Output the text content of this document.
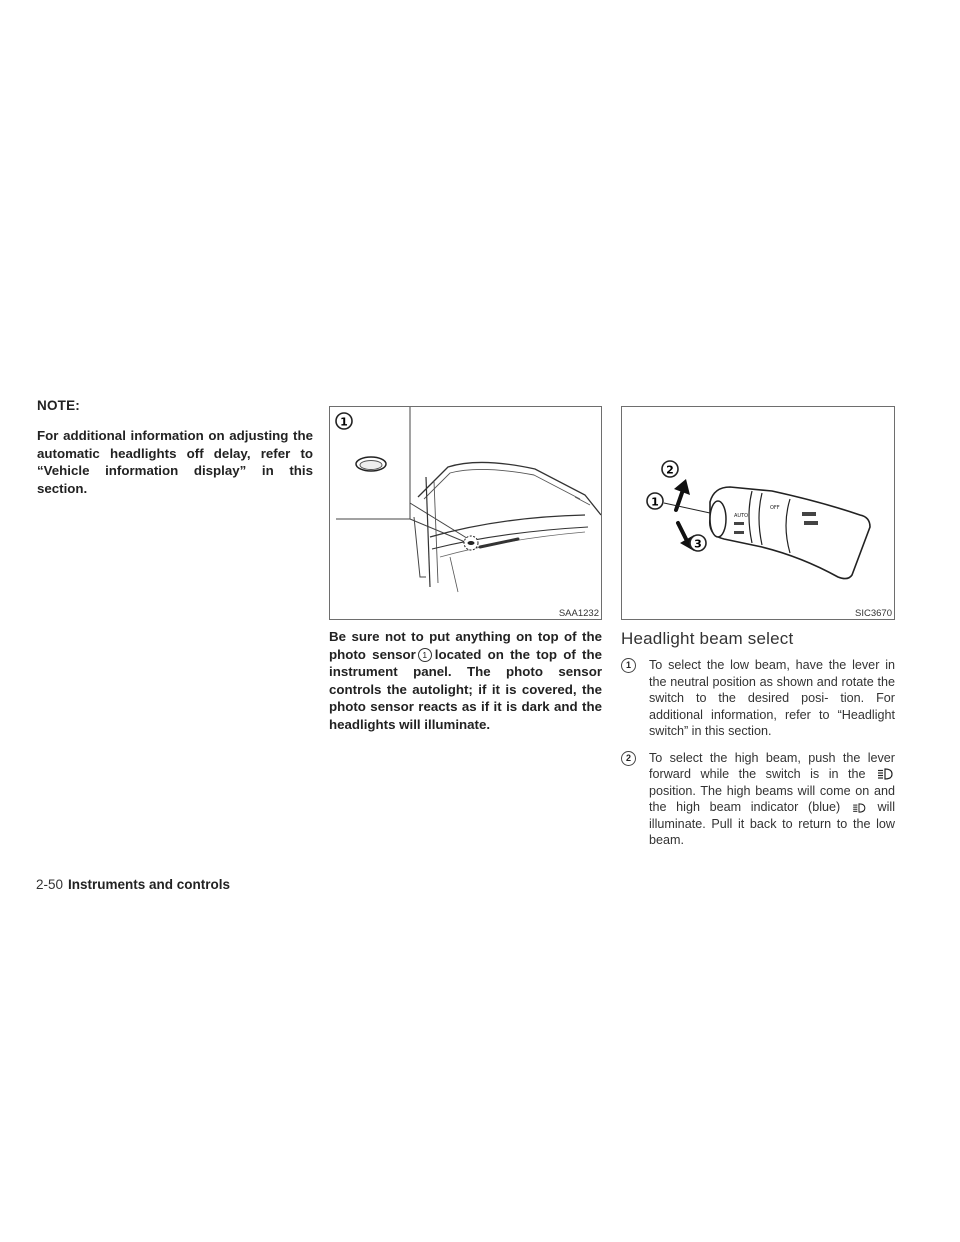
NOTE:

For additional information on adjusting the automatic headlights off delay, refer to “Vehicle information display” in this section.

1
SAA1232

Be sure not to put anything on top of the photo sensor 1 located on the top of the instrument panel. The photo sensor controls the autolight; if it is covered, the photo sensor reacts as if it is dark and the headlights will illuminate.

OFF
AUTO
1
2
3
SIC3670
Headlight beam select
1	To select the low beam, have the lever in the neutral position as shown and rotate the switch to the desired posi- tion. For additional information, refer to “Headlight switch” in this section.
2	To select the high beam, push the lever forward while the switch is in the  position. The high beams will come on and the high beam indicator (blue)	will illuminate. Pull it back to return to the low beam.
2-50 Instruments and controls
